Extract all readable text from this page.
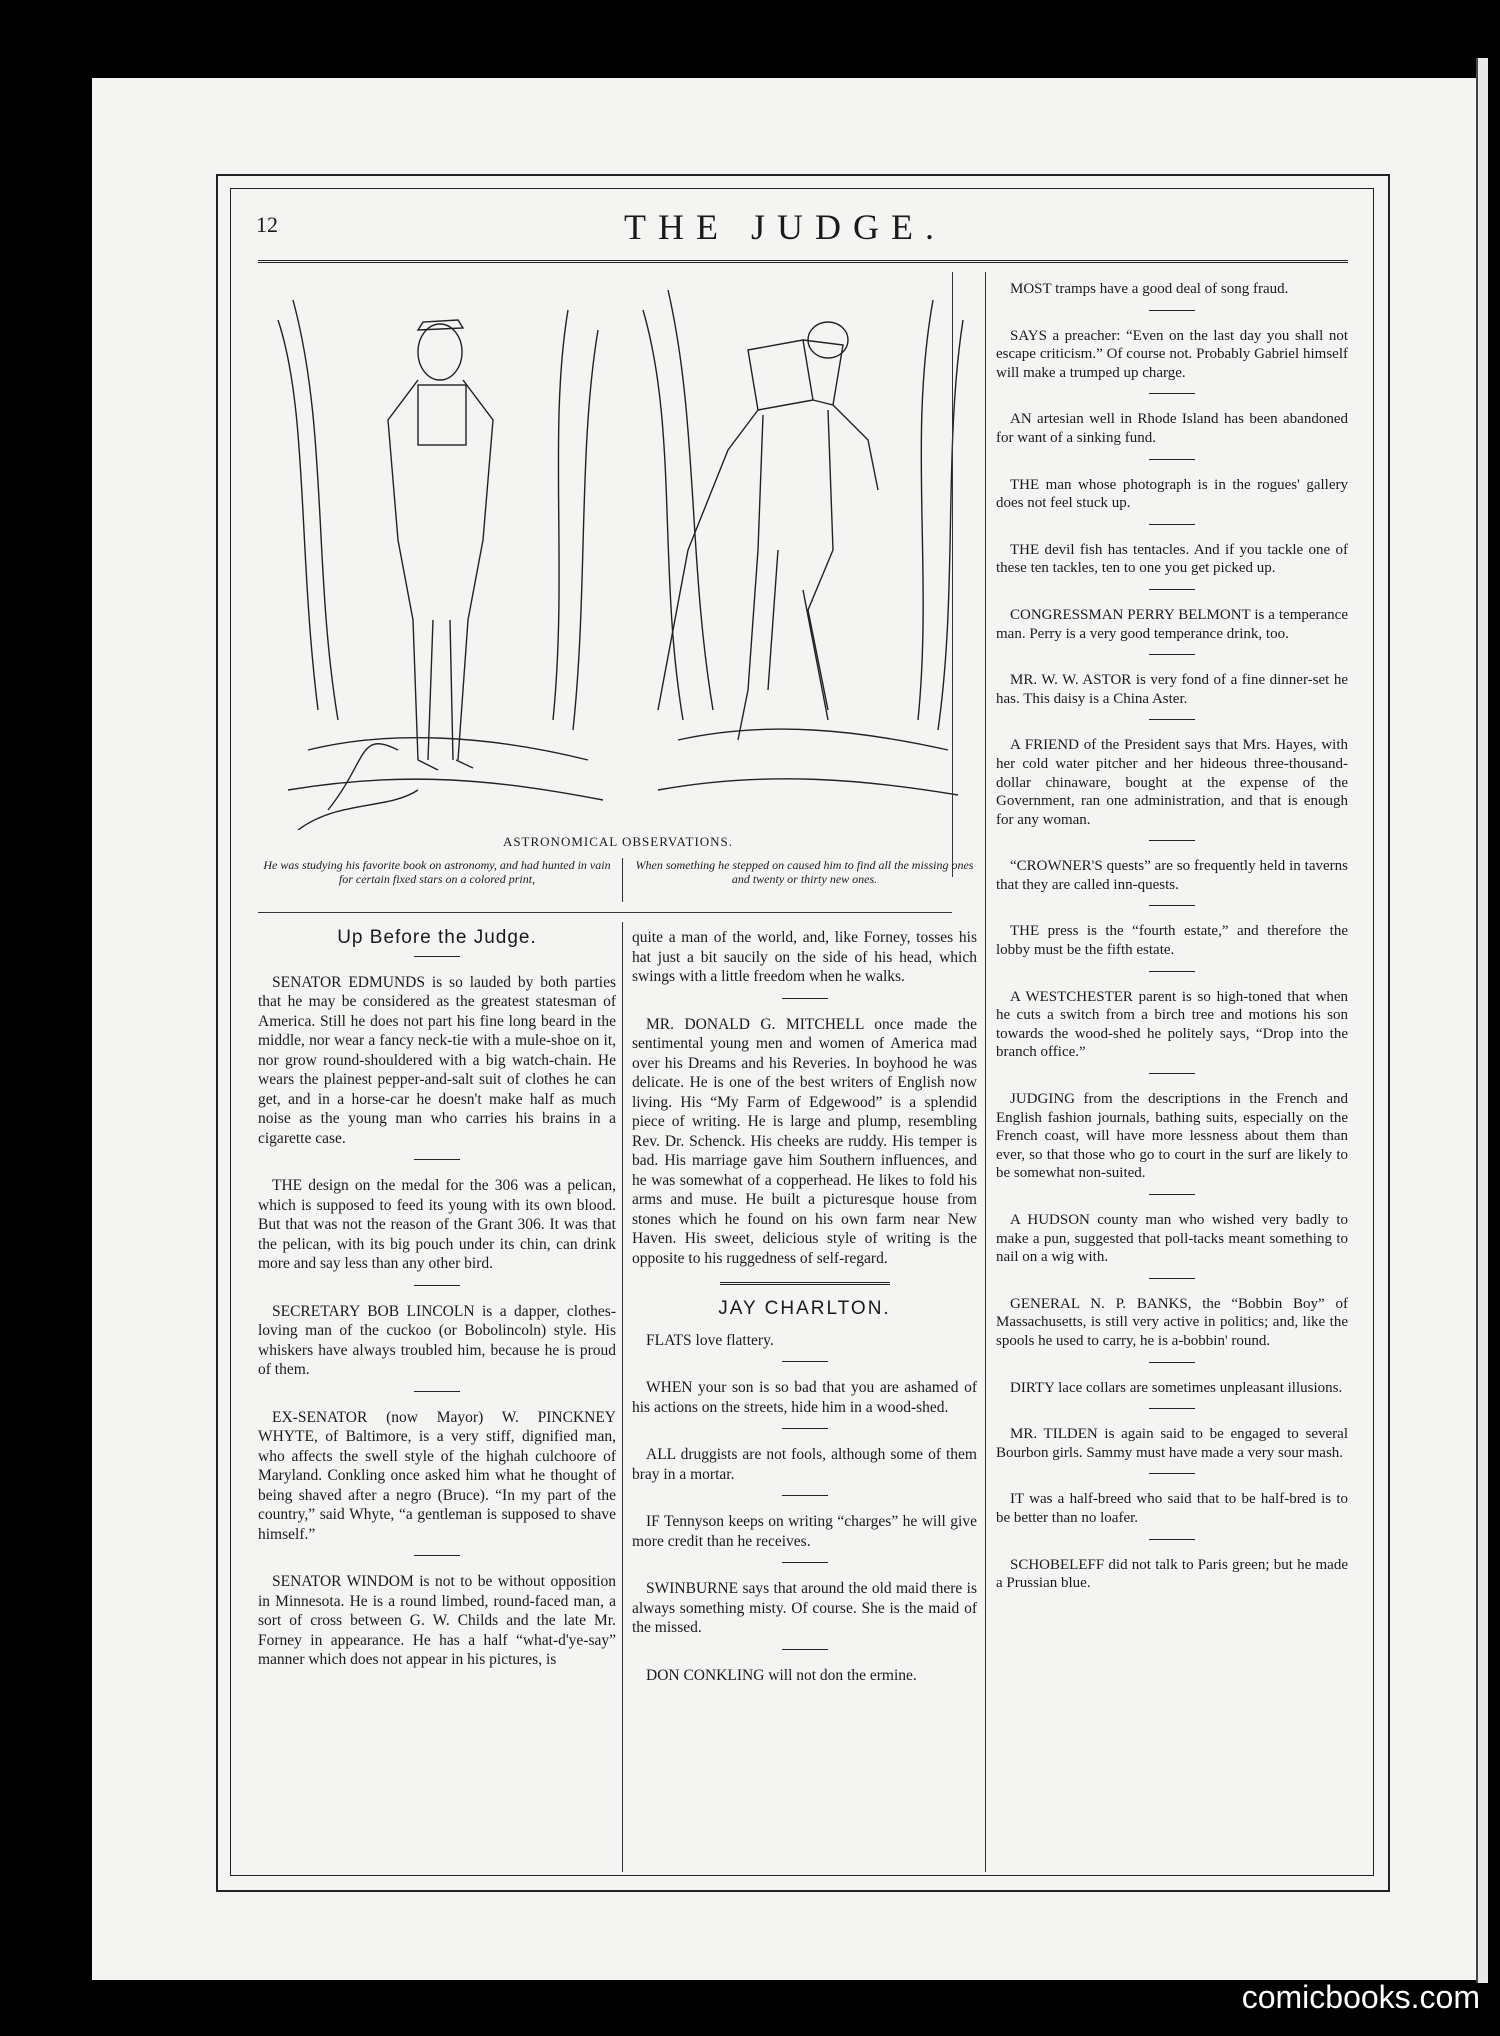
12	THE JUDGE.
ASTRONOMICAL OBSERVATIONS.
He was studying his favorite book on astronomy, and had hunted in vain for certain fixed stars on a colored print,
When something he stepped on caused him to find all the missing ones and twenty or thirty new ones.
Up Before the Judge.

SENATOR EDMUNDS is so lauded by both parties that he may be considered as the greatest statesman of America. Still he does not part his fine long beard in the middle, nor wear a fancy neck-tie with a mule-shoe on it, nor grow round-shouldered with a big watch-chain. He wears the plainest pepper-and-salt suit of clothes he can get, and in a horse-car he doesn't make half as much noise as the young man who carries his brains in a cigarette case.

THE design on the medal for the 306 was a pelican, which is supposed to feed its young with its own blood. But that was not the reason of the Grant 306. It was that the pelican, with its big pouch under its chin, can drink more and say less than any other bird.

SECRETARY BOB LINCOLN is a dapper, clothes-loving man of the cuckoo (or Bobolincoln) style. His whiskers have always troubled him, because he is proud of them.

EX-SENATOR (now Mayor) W. PINCKNEY WHYTE, of Baltimore, is a very stiff, dignified man, who affects the swell style of the highah culchoore of Maryland. Conkling once asked him what he thought of being shaved after a negro (Bruce). “In my part of the country,” said Whyte, “a gentleman is supposed to shave himself.”

SENATOR WINDOM is not to be without opposition in Minnesota. He is a round limbed, round-faced man, a sort of cross between G. W. Childs and the late Mr. Forney in appearance. He has a half “what-d'ye-say” manner which does not appear in his pictures, is

quite a man of the world, and, like Forney, tosses his hat just a bit saucily on the side of his head, which swings with a little freedom when he walks.

MR. DONALD G. MITCHELL once made the sentimental young men and women of America mad over his Dreams and his Reveries. In boyhood he was delicate. He is one of the best writers of English now living. His “My Farm of Edgewood” is a splendid piece of writing. He is large and plump, resembling Rev. Dr. Schenck. His cheeks are ruddy. His temper is bad. His marriage gave him Southern influences, and he was somewhat of a copperhead. He likes to fold his arms and muse. He built a picturesque house from stones which he found on his own farm near New Haven. His sweet, delicious style of writing is the opposite to his ruggedness of self-regard.

JAY CHARLTON.

FLATS love flattery.

WHEN your son is so bad that you are ashamed of his actions on the streets, hide him in a wood-shed.

ALL druggists are not fools, although some of them bray in a mortar.

IF Tennyson keeps on writing “charges” he will give more credit than he receives.

SWINBURNE says that around the old maid there is always something misty. Of course. She is the maid of the missed.

DON CONKLING will not don the ermine.

MOST tramps have a good deal of song fraud.

SAYS a preacher: “Even on the last day you shall not escape criticism.” Of course not. Probably Gabriel himself will make a trumped up charge.

AN artesian well in Rhode Island has been abandoned for want of a sinking fund.

THE man whose photograph is in the rogues' gallery does not feel stuck up.

THE devil fish has tentacles. And if you tackle one of these ten tackles, ten to one you get picked up.

CONGRESSMAN PERRY BELMONT is a temperance man. Perry is a very good temperance drink, too.

MR. W. W. ASTOR is very fond of a fine dinner-set he has. This daisy is a China Aster.

A FRIEND of the President says that Mrs. Hayes, with her cold water pitcher and her hideous three-thousand-dollar chinaware, bought at the expense of the Government, ran one administration, and that is enough for any woman.

“CROWNER'S quests” are so frequently held in taverns that they are called inn-quests.

THE press is the “fourth estate,” and therefore the lobby must be the fifth estate.

A WESTCHESTER parent is so high-toned that when he cuts a switch from a birch tree and motions his son towards the wood-shed he politely says, “Drop into the branch office.”

JUDGING from the descriptions in the French and English fashion journals, bathing suits, especially on the French coast, will have more lessness about them than ever, so that those who go to court in the surf are likely to be somewhat non-suited.

A HUDSON county man who wished very badly to make a pun, suggested that poll-tacks meant something to nail on a wig with.

GENERAL N. P. BANKS, the “Bobbin Boy” of Massachusetts, is still very active in politics; and, like the spools he used to carry, he is a-bobbin' round.

DIRTY lace collars are sometimes unpleasant illusions.

MR. TILDEN is again said to be engaged to several Bourbon girls. Sammy must have made a very sour mash.

IT was a half-breed who said that to be half-bred is to be better than no loafer.

SCHOBELEFF did not talk to Paris green; but he made a Prussian blue.

comicbooks.com
